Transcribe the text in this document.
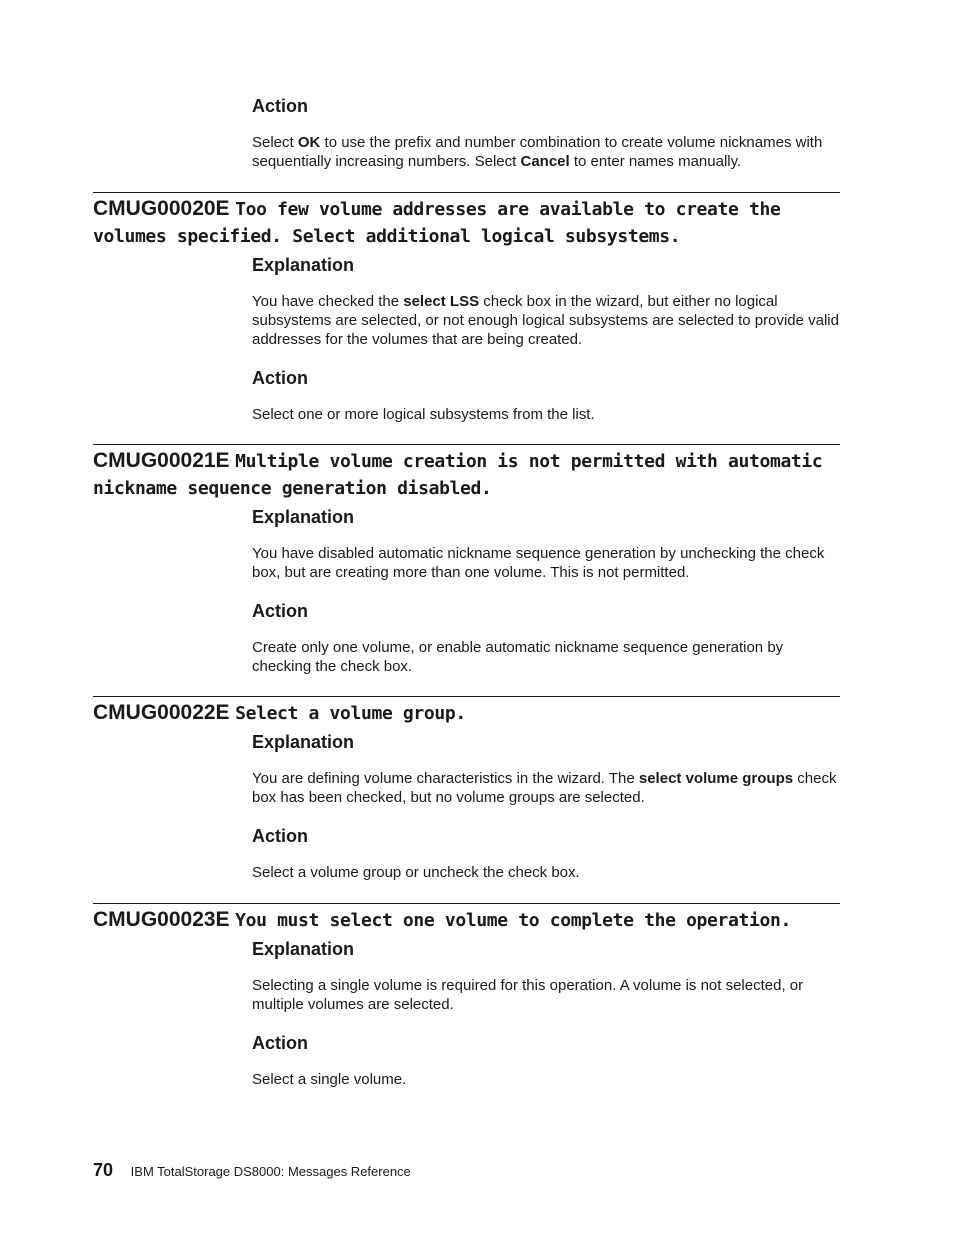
Action

Select OK to use the prefix and number combination to create volume nicknames with sequentially increasing numbers. Select Cancel to enter names manually.

CMUG00020E Too few volume addresses are available to create the volumes specified. Select additional logical subsystems.
Explanation

You have checked the select LSS check box in the wizard, but either no logical subsystems are selected, or not enough logical subsystems are selected to provide valid addresses for the volumes that are being created.

Action

Select one or more logical subsystems from the list.

CMUG00021E Multiple volume creation is not permitted with automatic nickname sequence generation disabled.
Explanation

You have disabled automatic nickname sequence generation by unchecking the check box, but are creating more than one volume. This is not permitted.

Action

Create only one volume, or enable automatic nickname sequence generation by checking the check box.

CMUG00022E Select a volume group.
Explanation

You are defining volume characteristics in the wizard. The select volume groups check box has been checked, but no volume groups are selected.

Action

Select a volume group or uncheck the check box.

CMUG00023E You must select one volume to complete the operation.
Explanation

Selecting a single volume is required for this operation. A volume is not selected, or multiple volumes are selected.

Action

Select a single volume.

70 IBM TotalStorage DS8000: Messages Reference
